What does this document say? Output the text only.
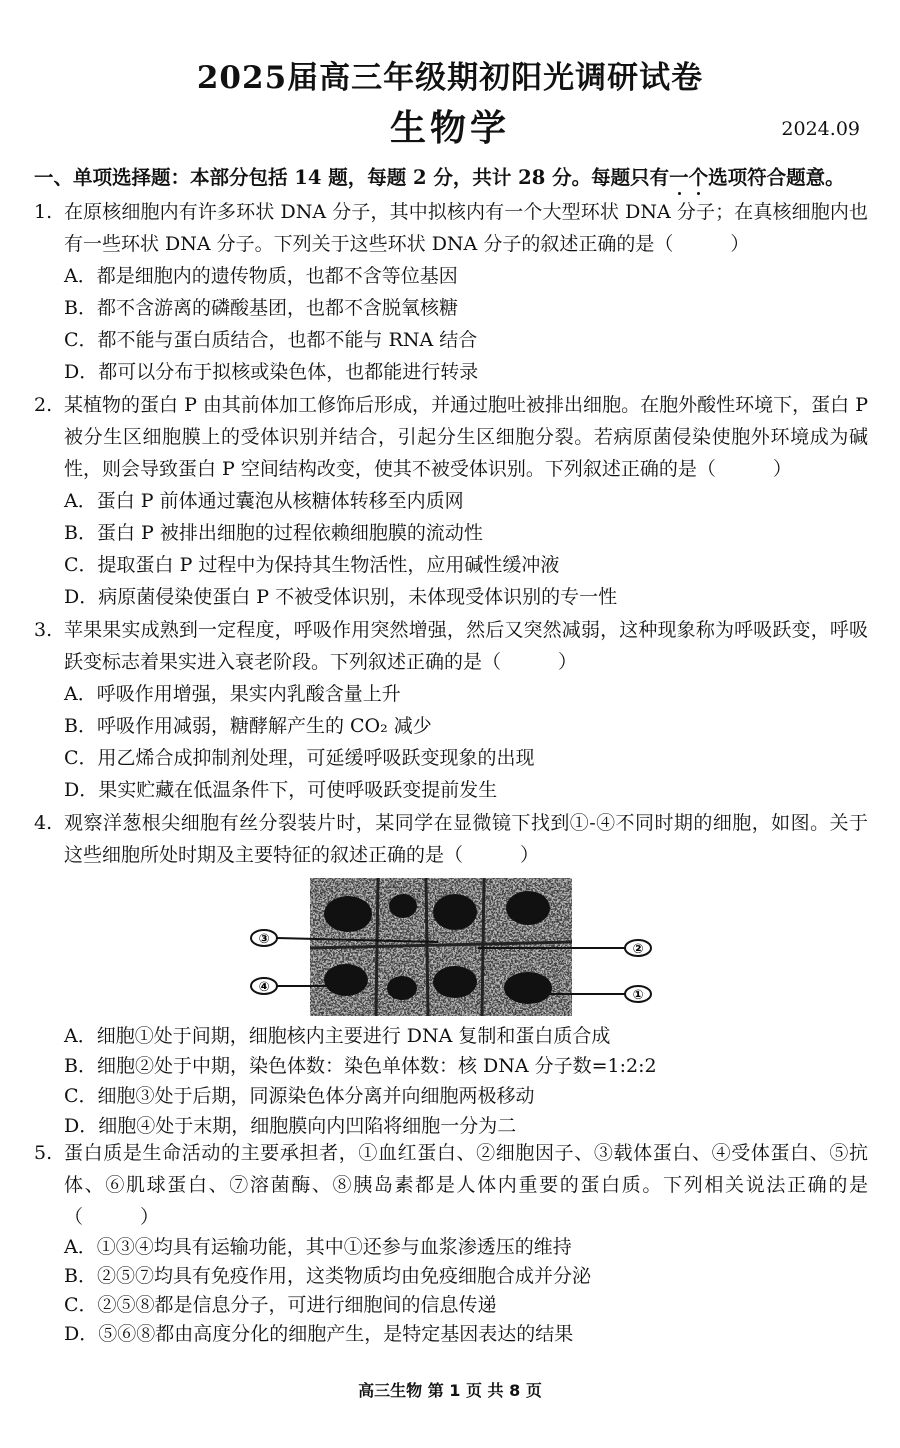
2025届高三年级期初阳光调研试卷
生物学	2024.09
一、单项选择题：本部分包括 14 题，每题 2 分，共计 28 分。每题只有一个选项符合题意。
1. 在原核细胞内有许多环状 DNA 分子，其中拟核内有一个大型环状 DNA 分子；在真核细胞内也有一些环状 DNA 分子。下列关于这些环状 DNA 分子的叙述正确的是（　　　）
A．都是细胞内的遗传物质，也都不含等位基因
B．都不含游离的磷酸基团，也都不含脱氧核糖
C．都不能与蛋白质结合，也都不能与 RNA 结合
D．都可以分布于拟核或染色体，也都能进行转录
2. 某植物的蛋白 P 由其前体加工修饰后形成，并通过胞吐被排出细胞。在胞外酸性环境下，蛋白 P 被分生区细胞膜上的受体识别并结合，引起分生区细胞分裂。若病原菌侵染使胞外环境成为碱性，则会导致蛋白 P 空间结构改变，使其不被受体识别。下列叙述正确的是（　　　）
A．蛋白 P 前体通过囊泡从核糖体转移至内质网
B．蛋白 P 被排出细胞的过程依赖细胞膜的流动性
C．提取蛋白 P 过程中为保持其生物活性，应用碱性缓冲液
D．病原菌侵染使蛋白 P 不被受体识别，未体现受体识别的专一性
3. 苹果果实成熟到一定程度，呼吸作用突然增强，然后又突然减弱，这种现象称为呼吸跃变，呼吸跃变标志着果实进入衰老阶段。下列叙述正确的是（　　　）
A．呼吸作用增强，果实内乳酸含量上升
B．呼吸作用减弱，糖酵解产生的 CO₂ 减少
C．用乙烯合成抑制剂处理，可延缓呼吸跃变现象的出现
D．果实贮藏在低温条件下，可使呼吸跃变提前发生
4. 观察洋葱根尖细胞有丝分裂装片时，某同学在显微镜下找到①-④不同时期的细胞，如图。关于这些细胞所处时期及主要特征的叙述正确的是（　　　）
③
④
②
①
A．细胞①处于间期，细胞核内主要进行 DNA 复制和蛋白质合成
B．细胞②处于中期，染色体数：染色单体数：核 DNA 分子数=1:2:2
C．细胞③处于后期，同源染色体分离并向细胞两极移动
D．细胞④处于末期，细胞膜向内凹陷将细胞一分为二
5. 蛋白质是生命活动的主要承担者，①血红蛋白、②细胞因子、③载体蛋白、④受体蛋白、⑤抗体、⑥肌球蛋白、⑦溶菌酶、⑧胰岛素都是人体内重要的蛋白质。下列相关说法正确的是（　　　）
A．①③④均具有运输功能，其中①还参与血浆渗透压的维持
B．②⑤⑦均具有免疫作用，这类物质均由免疫细胞合成并分泌
C．②⑤⑧都是信息分子，可进行细胞间的信息传递
D．⑤⑥⑧都由高度分化的细胞产生，是特定基因表达的结果
高三生物 第 1 页 共 8 页
